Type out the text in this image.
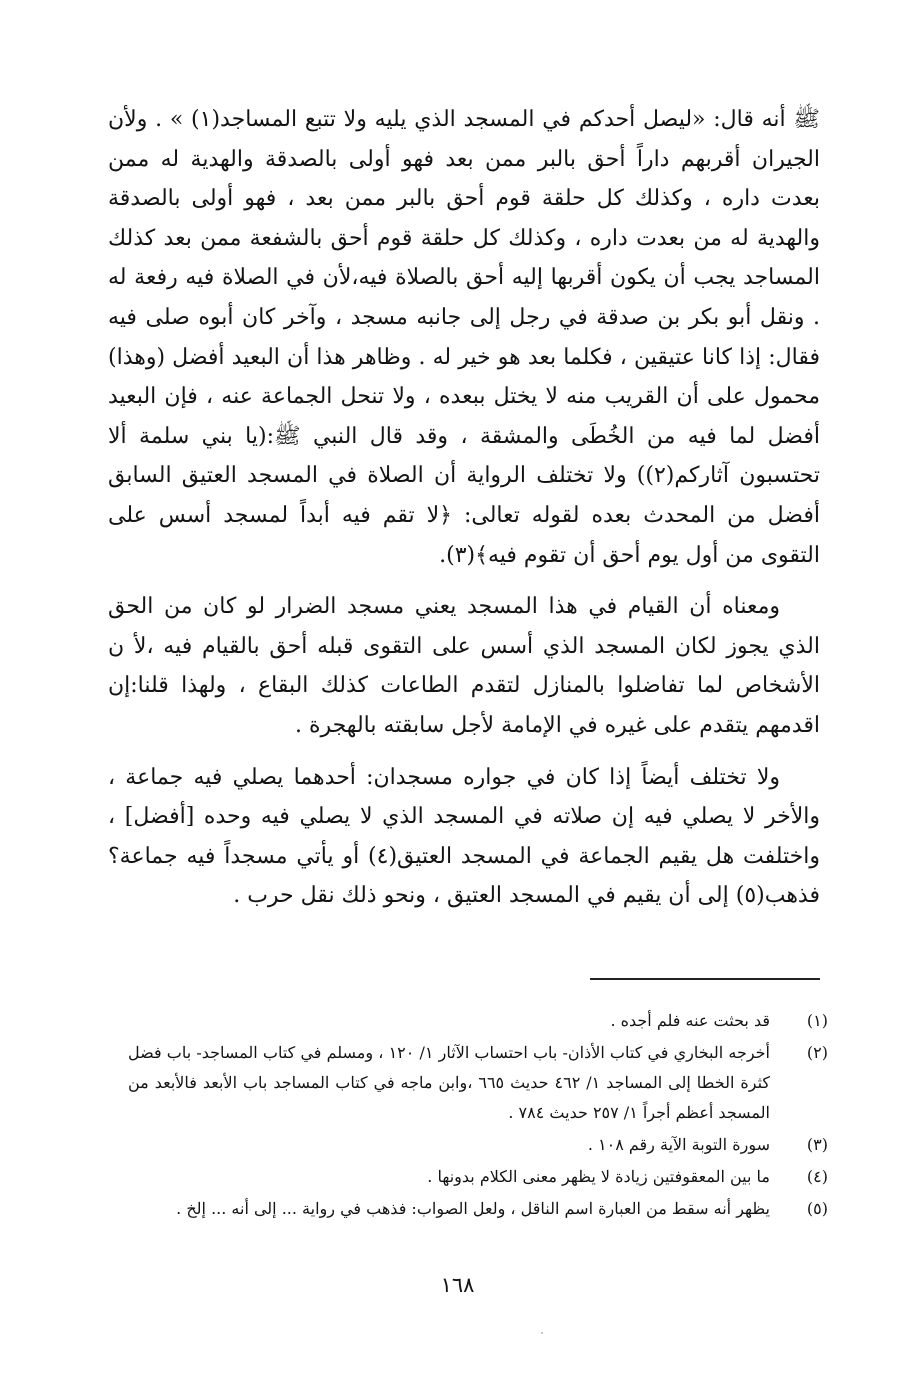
ﷺ أنه قال: «ليصل أحدكم في المسجد الذي يليه ولا تتبع المساجد(١) » . ولأن الجيران أقربهم داراً أحق بالبر ممن بعد فهو أولى بالصدقة والهدية له ممن بعدت داره ، وكذلك كل حلقة قوم أحق بالبر ممن بعد ، فهو أولى بالصدقة والهدية له من بعدت داره ، وكذلك كل حلقة قوم أحق بالشفعة ممن بعد كذلك المساجد يجب أن يكون أقربها إليه أحق بالصلاة فيه،لأن في الصلاة فيه رفعة له . ونقل أبو بكر بن صدقة في رجل إلى جانبه مسجد ، وآخر كان أبوه صلى فيه فقال: إذا كانا عتيقين ، فكلما بعد هو خير له . وظاهر هذا أن البعيد أفضل (وهذا) محمول على أن القريب منه لا يختل ببعده ، ولا تنحل الجماعة عنه ، فإن البعيد أفضل لما فيه من الخُطَى والمشقة ، وقد قال النبي ﷺ:(يا بني سلمة ألا تحتسبون آثاركم(٢)) ولا تختلف الرواية أن الصلاة في المسجد العتيق السابق أفضل من المحدث بعده لقوله تعالى: ﴿لا تقم فيه أبداً لمسجد أسس على التقوى من أول يوم أحق أن تقوم فيه﴾(٣).

ومعناه أن القيام في هذا المسجد يعني مسجد الضرار لو كان من الحق الذي يجوز لكان المسجد الذي أسس على التقوى قبله أحق بالقيام فيه ،لأ ن الأشخاص لما تفاضلوا بالمنازل لتقدم الطاعات كذلك البقاع ، ولهذا قلنا:إن اقدمهم يتقدم على غيره في الإمامة لأجل سابقته بالهجرة .

ولا تختلف أيضاً إذا كان في جواره مسجدان: أحدهما يصلي فيه جماعة ، والأخر لا يصلي فيه إن صلاته في المسجد الذي لا يصلي فيه وحده [أفضل] ، واختلفت هل يقيم الجماعة في المسجد العتيق(٤) أو يأتي مسجداً فيه جماعة؟ فذهب(٥) إلى أن يقيم في المسجد العتيق ، ونحو ذلك نقل حرب .

(١)
قد بحثت عنه فلم أجده .
(٢)
أخرجه البخاري في كتاب الأذان- باب احتساب الآثار ١/ ١٢٠ ، ومسلم في كتاب المساجد- باب فضل كثرة الخطا إلى المساجد ١/ ٤٦٢ حديث ٦٦٥ ،وابن ماجه في كتاب المساجد باب الأبعد فالأبعد من المسجد أعظم أجراً ١/ ٢٥٧ حديث ٧٨٤ .
(٣)
سورة التوبة الآية رقم ١٠٨ .
(٤)
ما بين المعقوفتين زيادة لا يظهر معنى الكلام بدونها .
(٥)
يظهر أنه سقط من العبارة اسم الناقل ، ولعل الصواب: فذهب في رواية ... إلى أنه ... إلخ .
١٦٨
